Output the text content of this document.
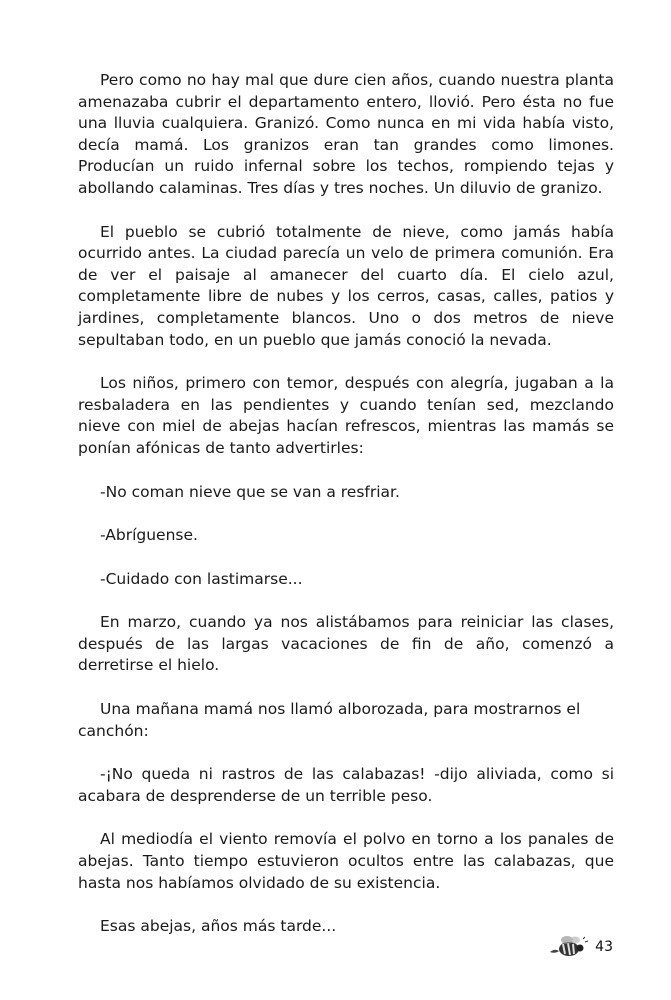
Pero como no hay mal que dure cien años, cuando nuestra planta amenazaba cubrir el departamento entero, llovió. Pero ésta no fue una lluvia cualquiera. Granizó. Como nunca en mi vida había visto, decía mamá. Los granizos eran tan grandes como limones. Producían un ruido infernal sobre los techos, rompiendo tejas y abollando calaminas. Tres días y tres noches. Un diluvio de granizo.

El pueblo se cubrió totalmente de nieve, como jamás había ocurrido antes. La ciudad parecía un velo de primera comunión. Era de ver el paisaje al amanecer del cuarto día. El cielo azul, completamente libre de nubes y los cerros, casas, calles, patios y jardines, completamente blancos. Uno o dos metros de nieve sepultaban todo, en un pueblo que jamás conoció la nevada.

Los niños, primero con temor, después con alegría, jugaban a la resbaladera en las pendientes y cuando tenían sed, mezclando nieve con miel de abejas hacían refrescos, mientras las mamás se ponían afónicas de tanto advertirles:

-No coman nieve que se van a resfriar.

-Abríguense.

-Cuidado con lastimarse...

En marzo, cuando ya nos alistábamos para reiniciar las clases, después de las largas vacaciones de fin de año, comenzó a derretirse el hielo.

Una mañana mamá nos llamó alborozada, para mostrarnos el canchón:

-¡No queda ni rastros de las calabazas! -dijo aliviada, como si acabara de desprenderse de un terrible peso.

Al mediodía el viento removía el polvo en torno a los panales de abejas. Tanto tiempo estuvieron ocultos entre las calabazas, que hasta nos habíamos olvidado de su existencia.

Esas abejas, años más tarde...

43
